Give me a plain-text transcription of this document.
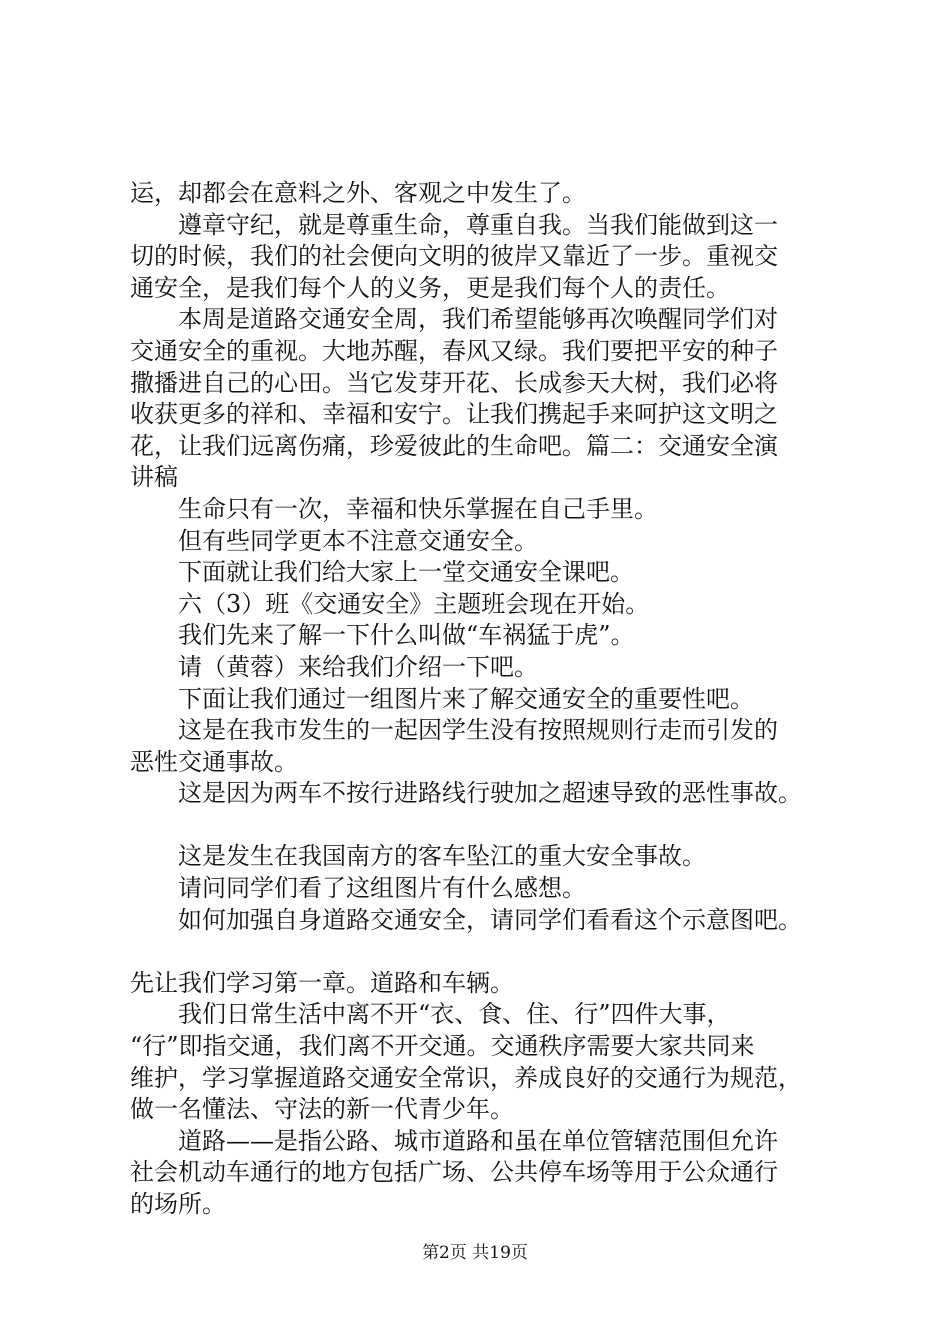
运，却都会在意料之外、客观之中发生了。
遵章守纪，就是尊重生命，尊重自我。当我们能做到这一
切的时候，我们的社会便向文明的彼岸又靠近了一步。重视交
通安全，是我们每个人的义务，更是我们每个人的责任。
本周是道路交通安全周，我们希望能够再次唤醒同学们对
交通安全的重视。大地苏醒，春风又绿。我们要把平安的种子
撒播进自己的心田。当它发芽开花、长成参天大树，我们必将
收获更多的祥和、幸福和安宁。让我们携起手来呵护这文明之
花，让我们远离伤痛，珍爱彼此的生命吧。篇二：交通安全演
讲稿
生命只有一次，幸福和快乐掌握在自己手里。
但有些同学更本不注意交通安全。
下面就让我们给大家上一堂交通安全课吧。
六（3）班《交通安全》主题班会现在开始。
我们先来了解一下什么叫做“车祸猛于虎”。
请（黄蓉）来给我们介绍一下吧。
下面让我们通过一组图片来了解交通安全的重要性吧。
这是在我市发生的一起因学生没有按照规则行走而引发的
恶性交通事故。
这是因为两车不按行进路线行驶加之超速导致的恶性事故。
这是发生在我国南方的客车坠江的重大安全事故。
请问同学们看了这组图片有什么感想。
如何加强自身道路交通安全，请同学们看看这个示意图吧。
先让我们学习第一章。道路和车辆。
我们日常生活中离不开“衣、食、住、行”四件大事，
“行”即指交通，我们离不开交通。交通秩序需要大家共同来
维护，学习掌握道路交通安全常识，养成良好的交通行为规范，
做一名懂法、守法的新一代青少年。
道路——是指公路、城市道路和虽在单位管辖范围但允许
社会机动车通行的地方包括广场、公共停车场等用于公众通行
的场所。
第2页 共19页
